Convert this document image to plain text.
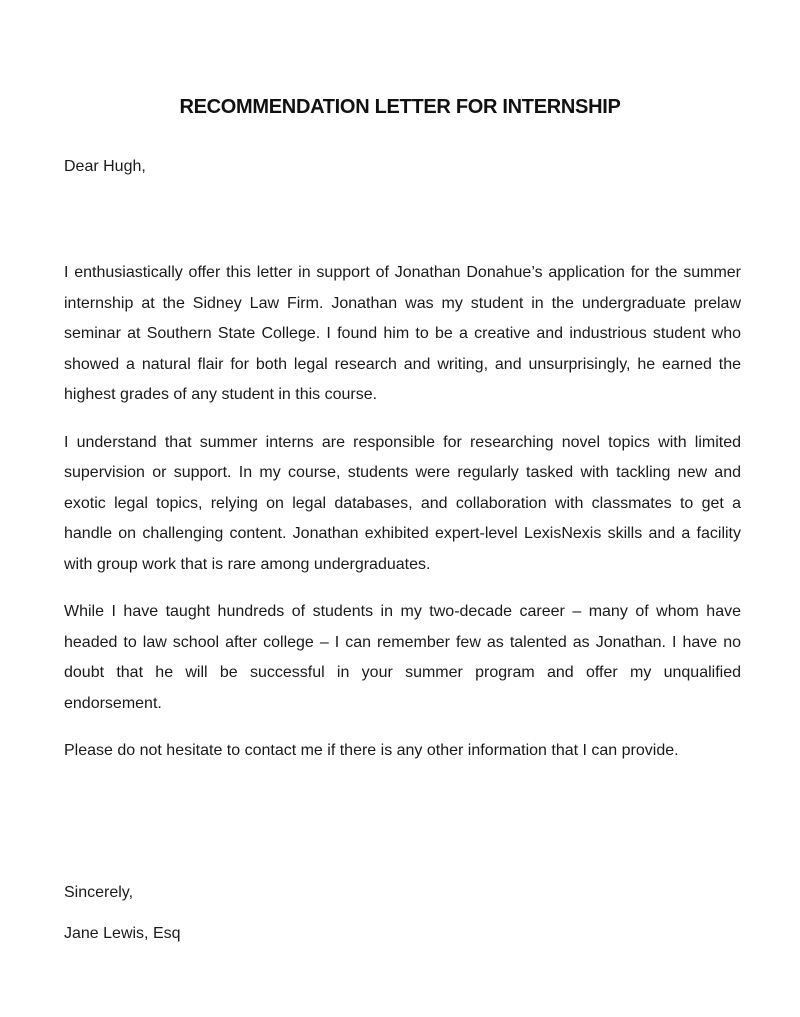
RECOMMENDATION LETTER FOR INTERNSHIP

Dear Hugh,

I enthusiastically offer this letter in support of Jonathan Donahue’s application for the summer internship at the Sidney Law Firm. Jonathan was my student in the undergraduate prelaw seminar at Southern State College. I found him to be a creative and industrious student who showed a natural flair for both legal research and writing, and unsurprisingly, he earned the highest grades of any student in this course.

I understand that summer interns are responsible for researching novel topics with limited supervision or support. In my course, students were regularly tasked with tackling new and exotic legal topics, relying on legal databases, and collaboration with classmates to get a handle on challenging content. Jonathan exhibited expert-level LexisNexis skills and a facility with group work that is rare among undergraduates.

While I have taught hundreds of students in my two-decade career – many of whom have headed to law school after college – I can remember few as talented as Jonathan. I have no doubt that he will be successful in your summer program and offer my unqualified endorsement.

Please do not hesitate to contact me if there is any other information that I can provide.

Sincerely,

Jane Lewis, Esq
